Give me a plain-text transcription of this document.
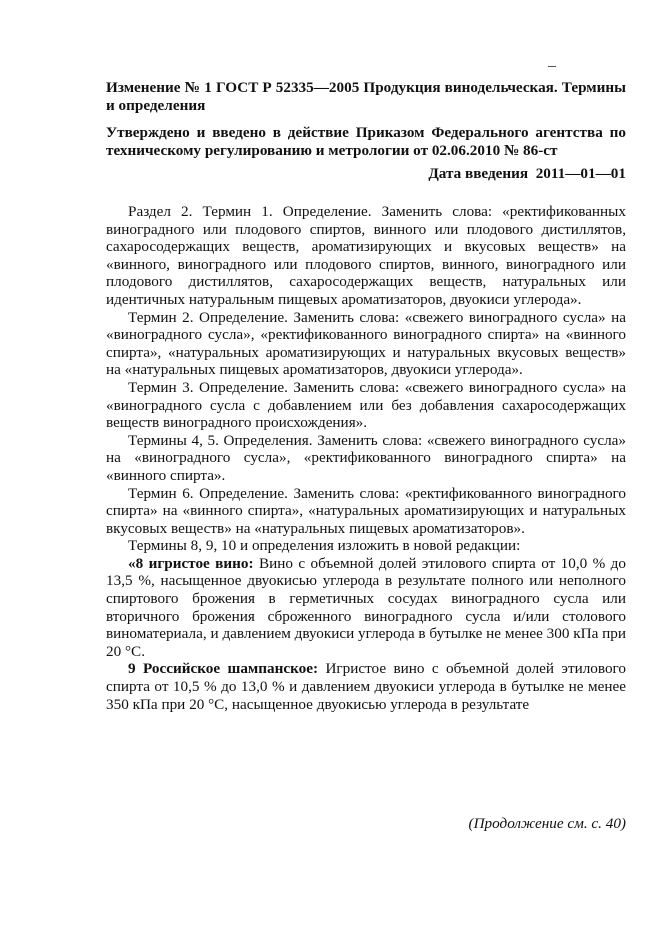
Изменение № 1 ГОСТ Р 52335—2005 Продукция винодельческая. Термины и определения

Утверждено и введено в действие Приказом Федерального агентства по техническому регулированию и метрологии от 02.06.2010 № 86-ст

Дата введения 2011—01—01

Раздел 2. Термин 1. Определение. Заменить слова: «ректификованных виноградного или плодового спиртов, винного или плодового дистиллятов, сахаросодержащих веществ, ароматизирующих и вкусовых веществ» на «винного, виноградного или плодового спиртов, винного, виноградного или плодового дистиллятов, сахаросодержащих веществ, натуральных или идентичных натуральным пищевых ароматизаторов, двуокиси углерода».

Термин 2. Определение. Заменить слова: «свежего виноградного сусла» на «виноградного сусла», «ректификованного виноградного спирта» на «винного спирта», «натуральных ароматизирующих и натуральных вкусовых веществ» на «натуральных пищевых ароматизаторов, двуокиси углерода».

Термин 3. Определение. Заменить слова: «свежего виноградного сусла» на «виноградного сусла с добавлением или без добавления сахаросодержащих веществ виноградного происхождения».

Термины 4, 5. Определения. Заменить слова: «свежего виноградного сусла» на «виноградного сусла», «ректификованного виноградного спирта» на «винного спирта».

Термин 6. Определение. Заменить слова: «ректификованного виноградного спирта» на «винного спирта», «натуральных ароматизирующих и натуральных вкусовых веществ» на «натуральных пищевых ароматизаторов».

Термины 8, 9, 10 и определения изложить в новой редакции:

«8 игристое вино: Вино с объемной долей этилового спирта от 10,0 % до 13,5 %, насыщенное двуокисью углерода в результате полного или неполного спиртового брожения в герметичных сосудах виноградного сусла или вторичного брожения сброженного виноградного сусла и/или столового виноматериала, и давлением двуокиси углерода в бутылке не менее 300 кПа при 20 °С.

9 Российское шампанское: Игристое вино с объемной долей этилового спирта от 10,5 % до 13,0 % и давлением двуокиси углерода в бутылке не менее 350 кПа при 20 °С, насыщенное двуокисью углерода в результате

(Продолжение см. с. 40)
